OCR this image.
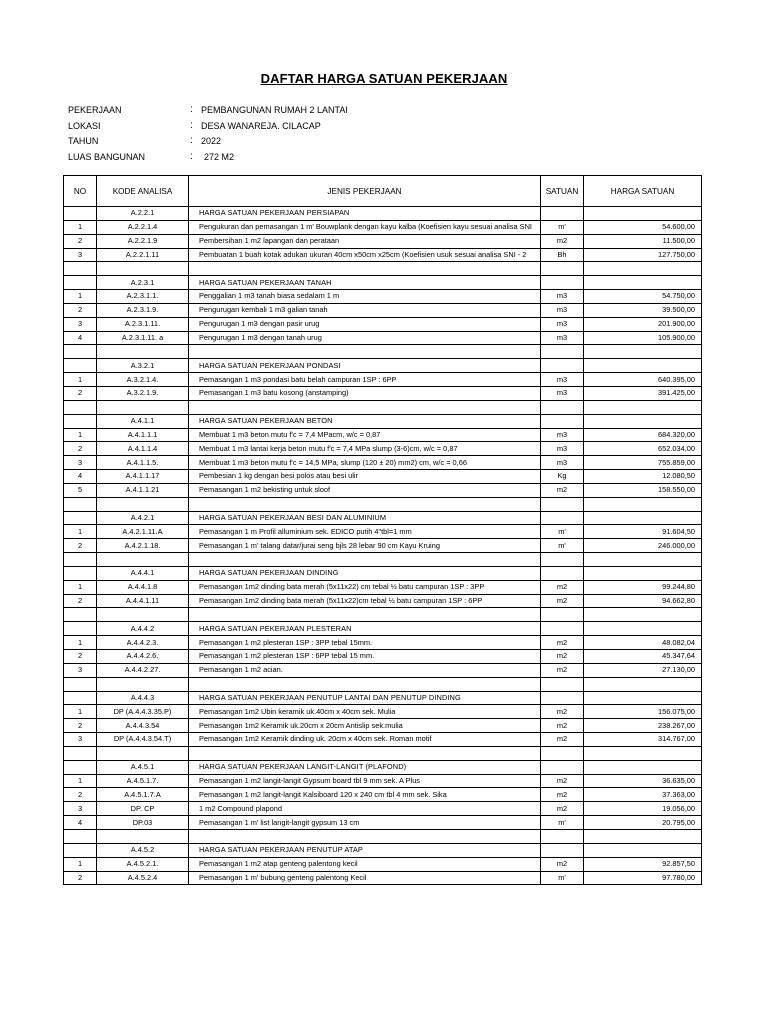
DAFTAR HARGA SATUAN PEKERJAAN
PEKERJAAN	: PEMBANGUNAN RUMAH 2 LANTAI
LOKASI	: DESA WANAREJA. CILACAP
TAHUN	: 2022
LUAS BANGUNAN	: 272 M2
NO	KODE ANALISA	JENIS PEKERJAAN	SATUAN	HARGA SATUAN
	A.2.2.1	HARGA SATUAN PEKERJAAN PERSIAPAN		
1	A.2.2.1.4	Pengukuran dan pemasangan 1 m' Bouwplank dengan kayu kalba (Koefisien kayu sesuai analisa SNI	m'	54.600,00
2	A.2.2.1.9	Pembersihan 1 m2 lapangan dan perataan	m2	11.500,00
3	A.2.2.1.11	Pembuatan 1 buah kotak adukan ukuran 40cm x50cm x25cm (Koefisien usuk sesuai analisa SNI - 2	Bh	127.750,00

	A.2.3.1	HARGA SATUAN PEKERJAAN TANAH		
1	A.2.3.1.1.	Penggalian 1 m3 tanah biasa sedalam 1 m	m3	54.750,00
2	A.2.3.1.9.	Pengurugan kembali 1 m3 galian tanah	m3	39.500,00
3	A.2.3.1.11.	Pengurugan 1 m3 dengan pasir urug	m3	201.900,00
4	A.2.3.1.11. a	Pengurugan 1 m3 dengan tanah urug	m3	105.900,00

	A.3.2.1	HARGA SATUAN PEKERJAAN PONDASI		
1	A.3.2.1.4.	Pemasangan 1 m3 pondasi batu belah campuran 1SP : 6PP	m3	640.395,00
2	A.3.2.1.9.	Pemasangan 1 m3 batu kosong (anstamping)	m3	391.425,00

	A.4.1.1	HARGA SATUAN PEKERJAAN BETON		
1	A.4.1.1.1	Membuat 1 m3 beton mutu f'c = 7,4 MPacm, w/c = 0,87	m3	684.320,00
2	A.4.1.1.4	Membuat 1 m3 lantai kerja beton mutu f'c = 7,4 MPa slump (3-6)cm, w/c = 0,87	m3	652.034,00
3	A.4.1.1.5.	Membuat 1 m3 beton mutu f'c = 14,5 MPa, slump (120 ± 20) mm2) cm, w/c = 0,66	m3	755.859,00
4	A.4.1.1.17	Pembesian 1 kg dengan besi polos atau besi ulir	Kg	12.080,50
5	A.4.1.1.21	Pemasangan 1 m2 bekisting untuk sloof	m2	158.550,00

	A.4.2.1	HARGA SATUAN PEKERJAAN BESI DAN ALUMINIUM		
1	A.4.2.1.11.A	Pemasangan 1 m Profil alluminium sek. EDICO putih 4"tbl=1 mm	m'	91.604,50
2	A.4.2.1.18.	Pemasangan 1 m' talang datar/jurai seng bjls 28 lebar 90 cm Kayu Kruing	m'	246.000,00

	A.4.4.1	HARGA SATUAN PEKERJAAN DINDING		
1	A.4.4.1.8	Pemasangan 1m2 dinding bata merah (5x11x22) cm tebal ½ batu campuran 1SP : 3PP	m2	99.244,80
2	A.4.4.1.11	Pemasangan 1m2 dinding bata merah (5x11x22)cm tebal ½ batu campuran 1SP : 6PP	m2	94.662,80

	A.4.4.2	HARGA SATUAN PEKERJAAN PLESTERAN		
1	A.4.4.2.3.	Pemasangan 1 m2 plesteran 1SP : 3PP tebal 15mm.	m2	48.082,04
2	A.4.4.2.6.	Pemasangan 1 m2 plesteran 1SP : 6PP tebal 15 mm.	m2	45.347,64
3	A.4.4.2.27.	Pemasangan 1 m2 acian.	m2	27.130,00

	A.4.4.3	HARGA SATUAN PEKERJAAN PENUTUP LANTAI DAN PENUTUP DINDING		
1	DP (A.4.4.3.35.P)	Pemasangan 1m2 Ubin keramik uk.40cm x 40cm sek. Mulia	m2	156.075,00
2	A.4.4.3.54	Pemasangan 1m2 Keramik uk.20cm x 20cm Antislip sek.mulia	m2	238.267,00
3	DP (A.4.4.3.54.T)	Pemasangan 1m2 Keramik dinding uk. 20cm x 40cm sek. Roman motif	m2	314.767,00

	A.4.5.1	HARGA SATUAN PEKERJAAN LANGIT-LANGIT (PLAFOND)		
1	A.4.5.1.7.	Pemasangan 1 m2 langit-langit Gypsum board tbl 9 mm sek. A Plus	m2	36.635,00
2	A.4.5.1.7.A	Pemasangan 1 m2 langit-langit Kalsiboard 120 x 240 cm tbl 4 mm sek. Sika	m2	37.363,00
3	DP. CP	1 m2 Compound plapond	m2	19.056,00
4	DP.03	Pemasangan 1 m' list langit-langit gypsum 13 cm	m'	20.795,00

	A.4.5.2	HARGA SATUAN PEKERJAAN PENUTUP ATAP		
1	A.4.5.2.1.	Pemasangan 1 m2 atap genteng palentong kecil	m2	92.857,50
2	A.4.5.2.4	Pemasangan 1 m' bubung genteng palentong Kecil	m'	97.780,00
